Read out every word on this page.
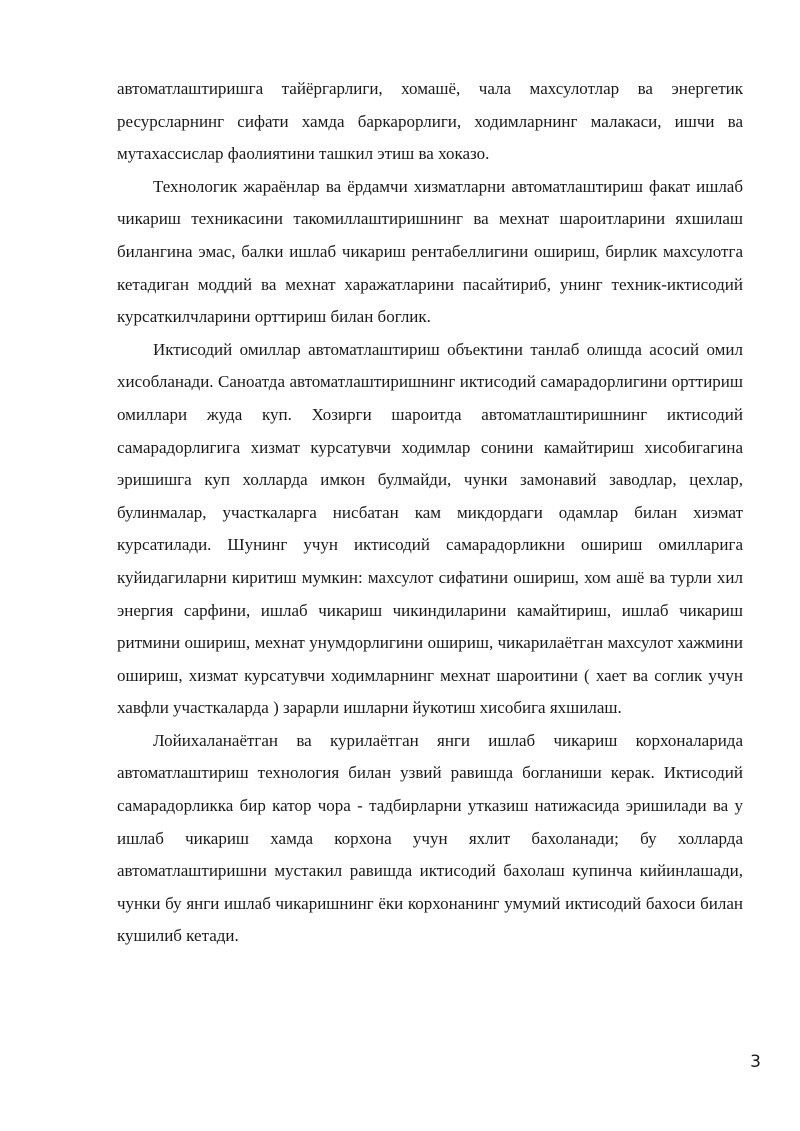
автоматлаштиришга тайёргарлиги, хомашё, чала махсулотлар ва энергетик ресурсларнинг сифати хамда баркарорлиги, ходимларнинг малакаси, ишчи ва мутахассислар фаолиятини ташкил этиш ва хоказо.

Технологик жараёнлар ва ёрдамчи хизматларни автоматлаштириш факат ишлаб чикариш техникасини такомиллаштиришнинг ва мехнат шароитларини яхшилаш билангина эмас, балки ишлаб чикариш рентабеллигини ошириш, бирлик махсулотга кетадиган моддий ва мехнат харажатларини пасайтириб, унинг техник-иктисодий курсаткилчларини орттириш билан боглик.

Иктисодий омиллар автоматлаштириш объектини танлаб олишда асосий омил хисобланади. Саноатда автоматлаштиришнинг иктисодий самарадорлигини орттириш омиллари жуда куп. Хозирги шароитда автоматлаштиришнинг иктисодий самарадорлигига хизмат курсатувчи ходимлар сонини камайтириш хисобигагина эришишга куп холларда имкон булмайди, чунки замонавий заводлар, цехлар, булинмалар, участкаларга нисбатан кам микдордаги одамлар билан хиэмат курсатилади. Шунинг учун иктисодий самарадорликни ошириш омилларига куйидагиларни киритиш мумкин: махсулот сифатини ошириш, хом ашё ва турли хил энергия сарфини, ишлаб чикариш чикиндиларини камайтириш, ишлаб чикариш ритмини ошириш, мехнат унумдорлигини ошириш, чикарилаётган махсулот хажмини ошириш, хизмат курсатувчи ходимларнинг мехнат шароитини ( хает ва соглик учун хавфли участкаларда ) зарарли ишларни йукотиш хисобига яхшилаш.

Лойихаланаётган ва курилаётган янги ишлаб чикариш корхоналарида автоматлаштириш технология билан узвий равишда богланиши керак. Иктисодий самарадорликка бир катор чора - тадбирларни утказиш натижасида эришилади ва у ишлаб чикариш хамда корхона учун яхлит бахоланади; бу холларда автоматлаштиришни мустакил равишда иктисодий бахолаш купинча кийинлашади, чунки бу янги ишлаб чикаришнинг ёки корхонанинг умумий иктисодий бахоси билан кушилиб кетади.

3
